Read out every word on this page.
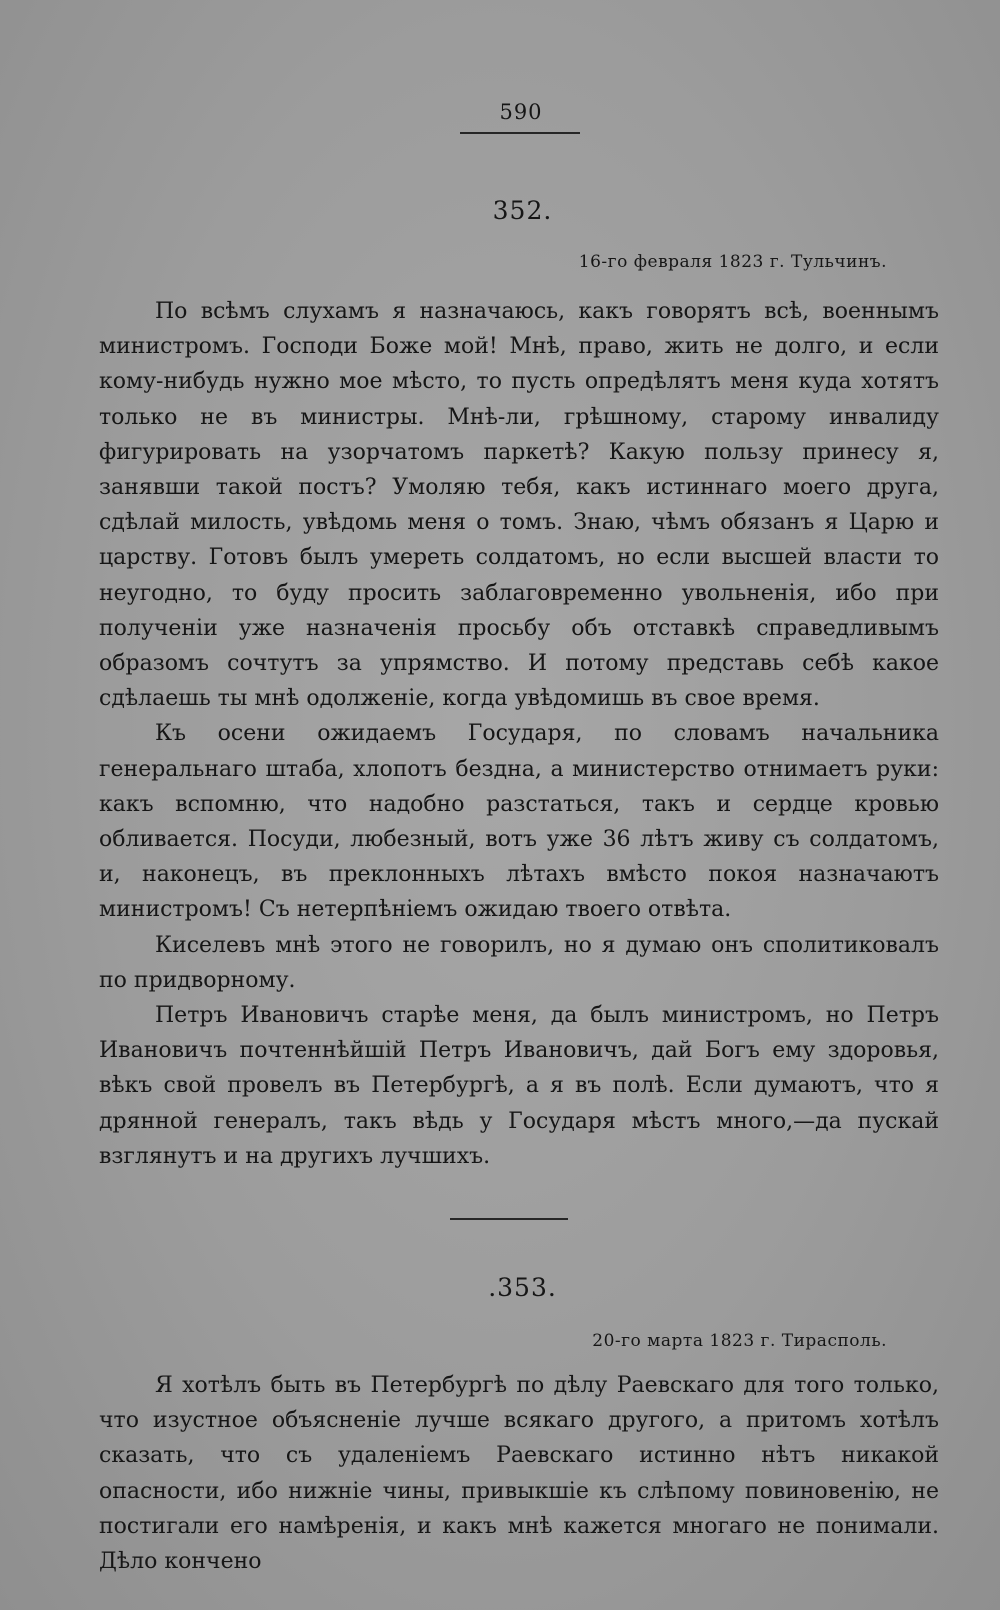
590
352.
16-го февраля 1823 г. Тульчинъ.

По всѣмъ слухамъ я назначаюсь, какъ говорятъ всѣ, военнымъ министромъ. Господи Боже мой! Мнѣ, право, жить не долго, и если кому-нибудь нужно мое мѣсто, то пусть опредѣлятъ меня куда хотятъ только не въ министры. Мнѣ-ли, грѣшному, старому инвалиду фигурировать на узорчатомъ паркетѣ? Какую пользу принесу я, занявши такой постъ? Умоляю тебя, какъ истиннаго моего друга, сдѣлай милость, увѣдомь меня о томъ. Знаю, чѣмъ обязанъ я Царю и царству. Готовъ былъ умереть солдатомъ, но если высшей власти то неугодно, то буду просить заблаговременно увольненія, ибо при полученіи уже назначенія просьбу объ отставкѣ справедливымъ образомъ сочтутъ за упрямство. И потому представь себѣ какое сдѣлаешь ты мнѣ одолженіе, когда увѣдомишь въ свое время.

Къ осени ожидаемъ Государя, по словамъ начальника генеральнаго штаба, хлопотъ бездна, а министерство отнимаетъ руки: какъ вспомню, что надобно разстаться, такъ и сердце кровью обливается. Посуди, любезный, вотъ уже 36 лѣтъ живу съ солдатомъ, и, наконецъ, въ преклонныхъ лѣтахъ вмѣсто покоя назначаютъ министромъ! Съ нетерпѣніемъ ожидаю твоего отвѣта.

Киселевъ мнѣ этого не говорилъ, но я думаю онъ сполитиковалъ по придворному.

Петръ Ивановичъ старѣе меня, да былъ министромъ, но Петръ Ивановичъ почтеннѣйшій Петръ Ивановичъ, дай Богъ ему здоровья, вѣкъ свой провелъ въ Петербургѣ, а я въ полѣ. Если думаютъ, что я дрянной генералъ, такъ вѣдь у Государя мѣстъ много,—да пускай взглянутъ и на другихъ лучшихъ.

.353.
20-го марта 1823 г. Тирасполь.

Я хотѣлъ быть въ Петербургѣ по дѣлу Раевскаго для того только, что изустное объясненіе лучше всякаго другого, а притомъ хотѣлъ сказать, что съ удаленіемъ Раевскаго истинно нѣтъ никакой опасности, ибо нижніе чины, привыкшіе къ слѣпому повиновенію, не постигали его намѣренія, и какъ мнѣ кажется многаго не понимали. Дѣло кончено
